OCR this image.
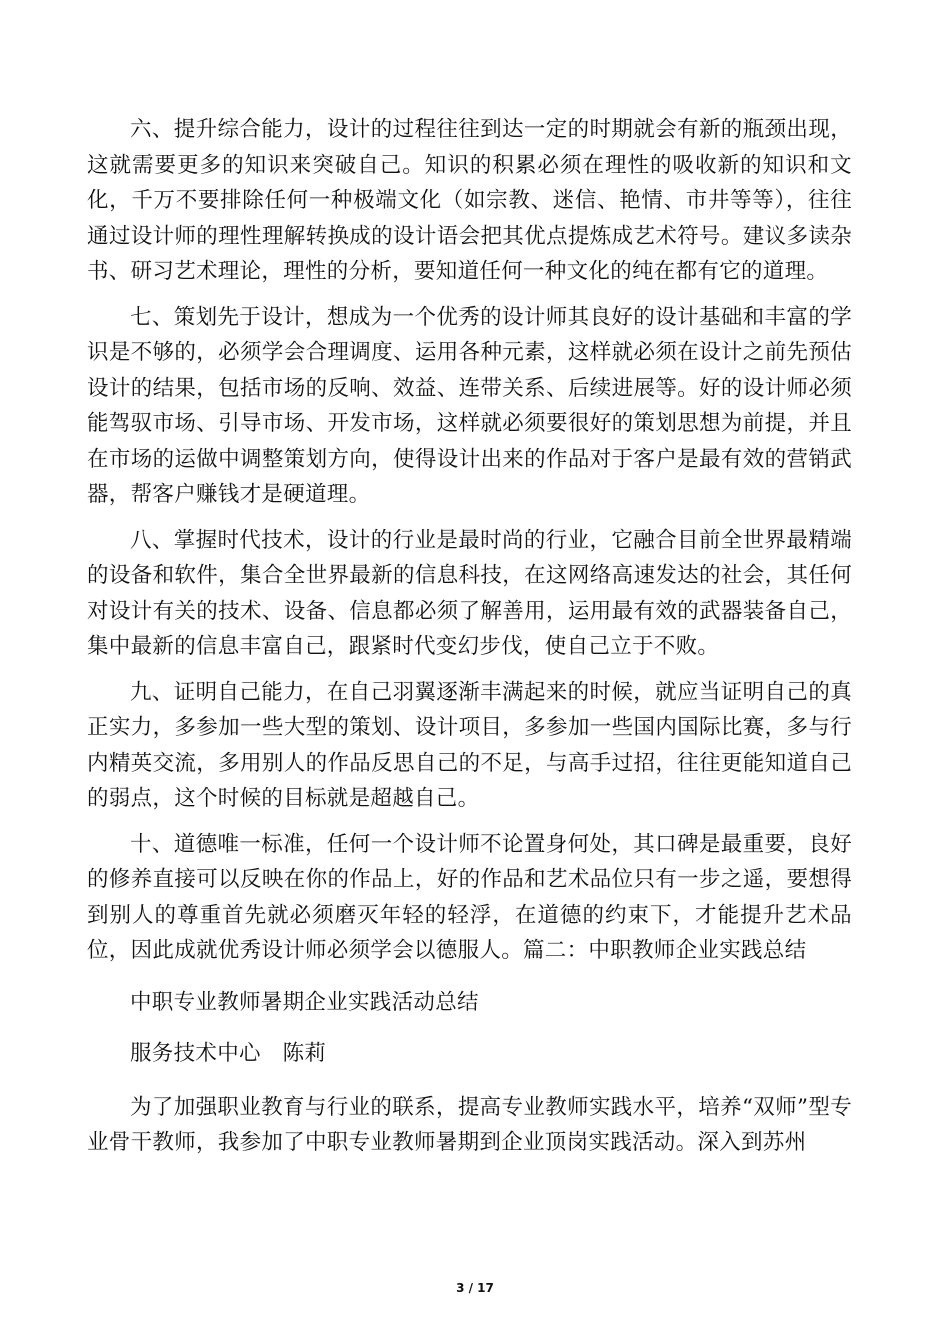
六、提升综合能力，设计的过程往往到达一定的时期就会有新的瓶颈出现，这就需要更多的知识来突破自己。知识的积累必须在理性的吸收新的知识和文化，千万不要排除任何一种极端文化（如宗教、迷信、艳情、市井等等），往往通过设计师的理性理解转换成的设计语会把其优点提炼成艺术符号。建议多读杂书、研习艺术理论，理性的分析，要知道任何一种文化的纯在都有它的道理。

七、策划先于设计，想成为一个优秀的设计师其良好的设计基础和丰富的学识是不够的，必须学会合理调度、运用各种元素，这样就必须在设计之前先预估设计的结果，包括市场的反响、效益、连带关系、后续进展等。好的设计师必须能驾驭市场、引导市场、开发市场，这样就必须要很好的策划思想为前提，并且在市场的运做中调整策划方向，使得设计出来的作品对于客户是最有效的营销武器，帮客户赚钱才是硬道理。

八、掌握时代技术，设计的行业是最时尚的行业，它融合目前全世界最精端的设备和软件，集合全世界最新的信息科技，在这网络高速发达的社会，其任何对设计有关的技术、设备、信息都必须了解善用，运用最有效的武器装备自己，集中最新的信息丰富自己，跟紧时代变幻步伐，使自己立于不败。

九、证明自己能力，在自己羽翼逐渐丰满起来的时候，就应当证明自己的真正实力，多参加一些大型的策划、设计项目，多参加一些国内国际比赛，多与行内精英交流，多用别人的作品反思自己的不足，与高手过招，往往更能知道自己的弱点，这个时候的目标就是超越自己。

十、道德唯一标准，任何一个设计师不论置身何处，其口碑是最重要，良好的修养直接可以反映在你的作品上，好的作品和艺术品位只有一步之遥，要想得到别人的尊重首先就必须磨灭年轻的轻浮，在道德的约束下，才能提升艺术品位，因此成就优秀设计师必须学会以德服人。篇二：中职教师企业实践总结

中职专业教师暑期企业实践活动总结

服务技术中心　陈莉

为了加强职业教育与行业的联系，提高专业教师实践水平，培养“双师”型专业骨干教师，我参加了中职专业教师暑期到企业顶岗实践活动。深入到苏州

3 / 17
